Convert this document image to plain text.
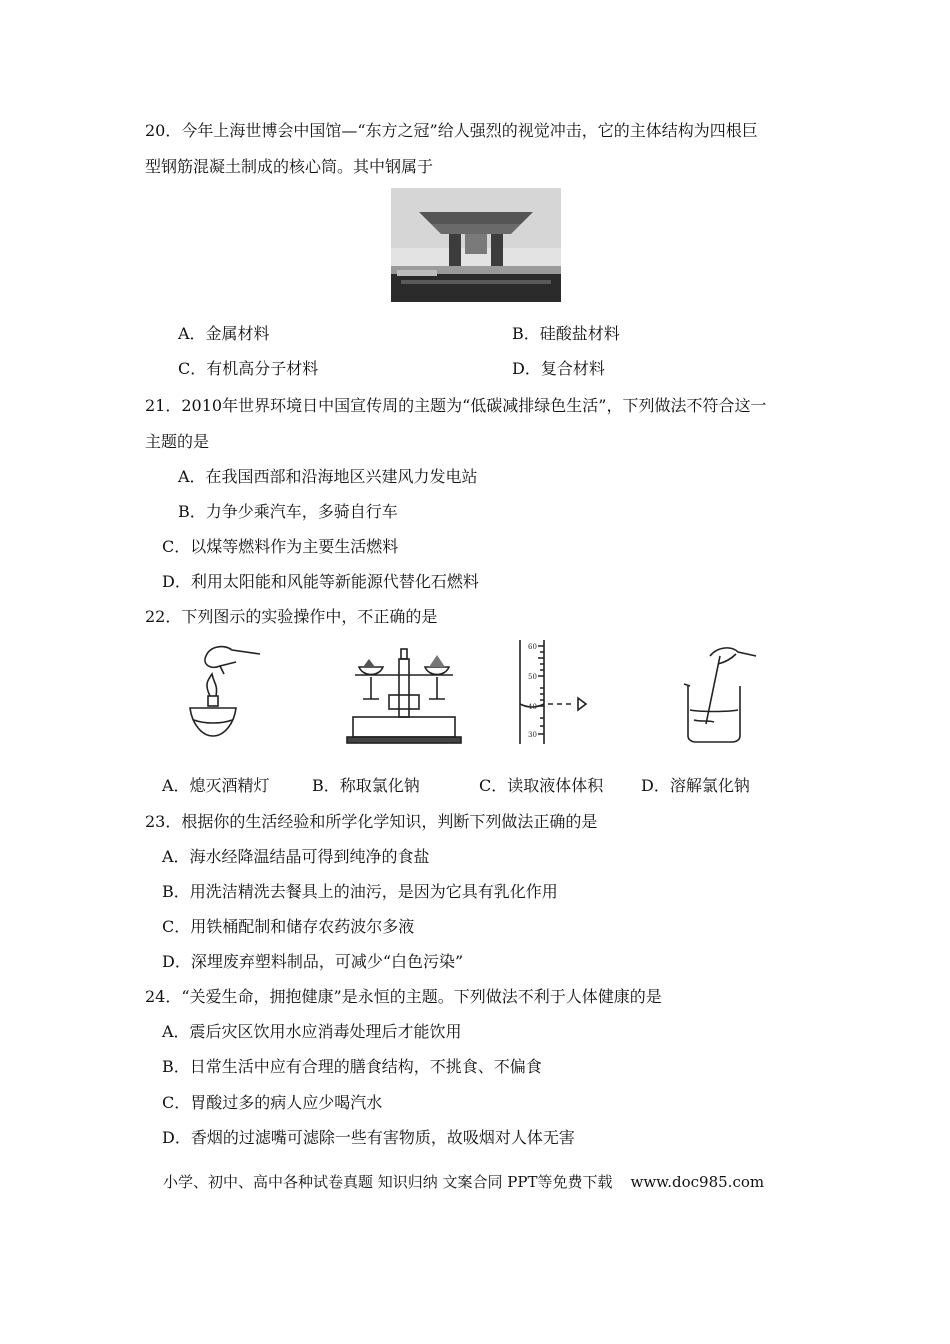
20．今年上海世博会中国馆—“东方之冠”给人强烈的视觉冲击，它的主体结构为四根巨
型钢筋混凝土制成的核心筒。其中钢属于
A．金属材料	B．硅酸盐材料
C．有机高分子材料	D．复合材料
21．2010年世界环境日中国宣传周的主题为“低碳减排绿色生活”，下列做法不符合这一
主题的是
A．在我国西部和沿海地区兴建风力发电站
B．力争少乘汽车，多骑自行车
C．以煤等燃料作为主要生活燃料
D．利用太阳能和风能等新能源代替化石燃料
22．下列图示的实验操作中，不正确的是
60
50
40
30
A．熄灭酒精灯	B．称取氯化钠	C．读取液体体积 D．溶解氯化钠
23．根据你的生活经验和所学化学知识，判断下列做法正确的是
A．海水经降温结晶可得到纯净的食盐
B．用洗洁精洗去餐具上的油污，是因为它具有乳化作用
C．用铁桶配制和储存农药波尔多液
D．深埋废弃塑料制品，可减少“白色污染”
24．“关爱生命，拥抱健康”是永恒的主题。下列做法不利于人体健康的是
A．震后灾区饮用水应消毒处理后才能饮用
B．日常生活中应有合理的膳食结构，不挑食、不偏食
C．胃酸过多的病人应少喝汽水
D．香烟的过滤嘴可滤除一些有害物质，故吸烟对人体无害
小学、初中、高中各种试卷真题 知识归纳 文案合同 PPT等免费下载 www.doc985.com
